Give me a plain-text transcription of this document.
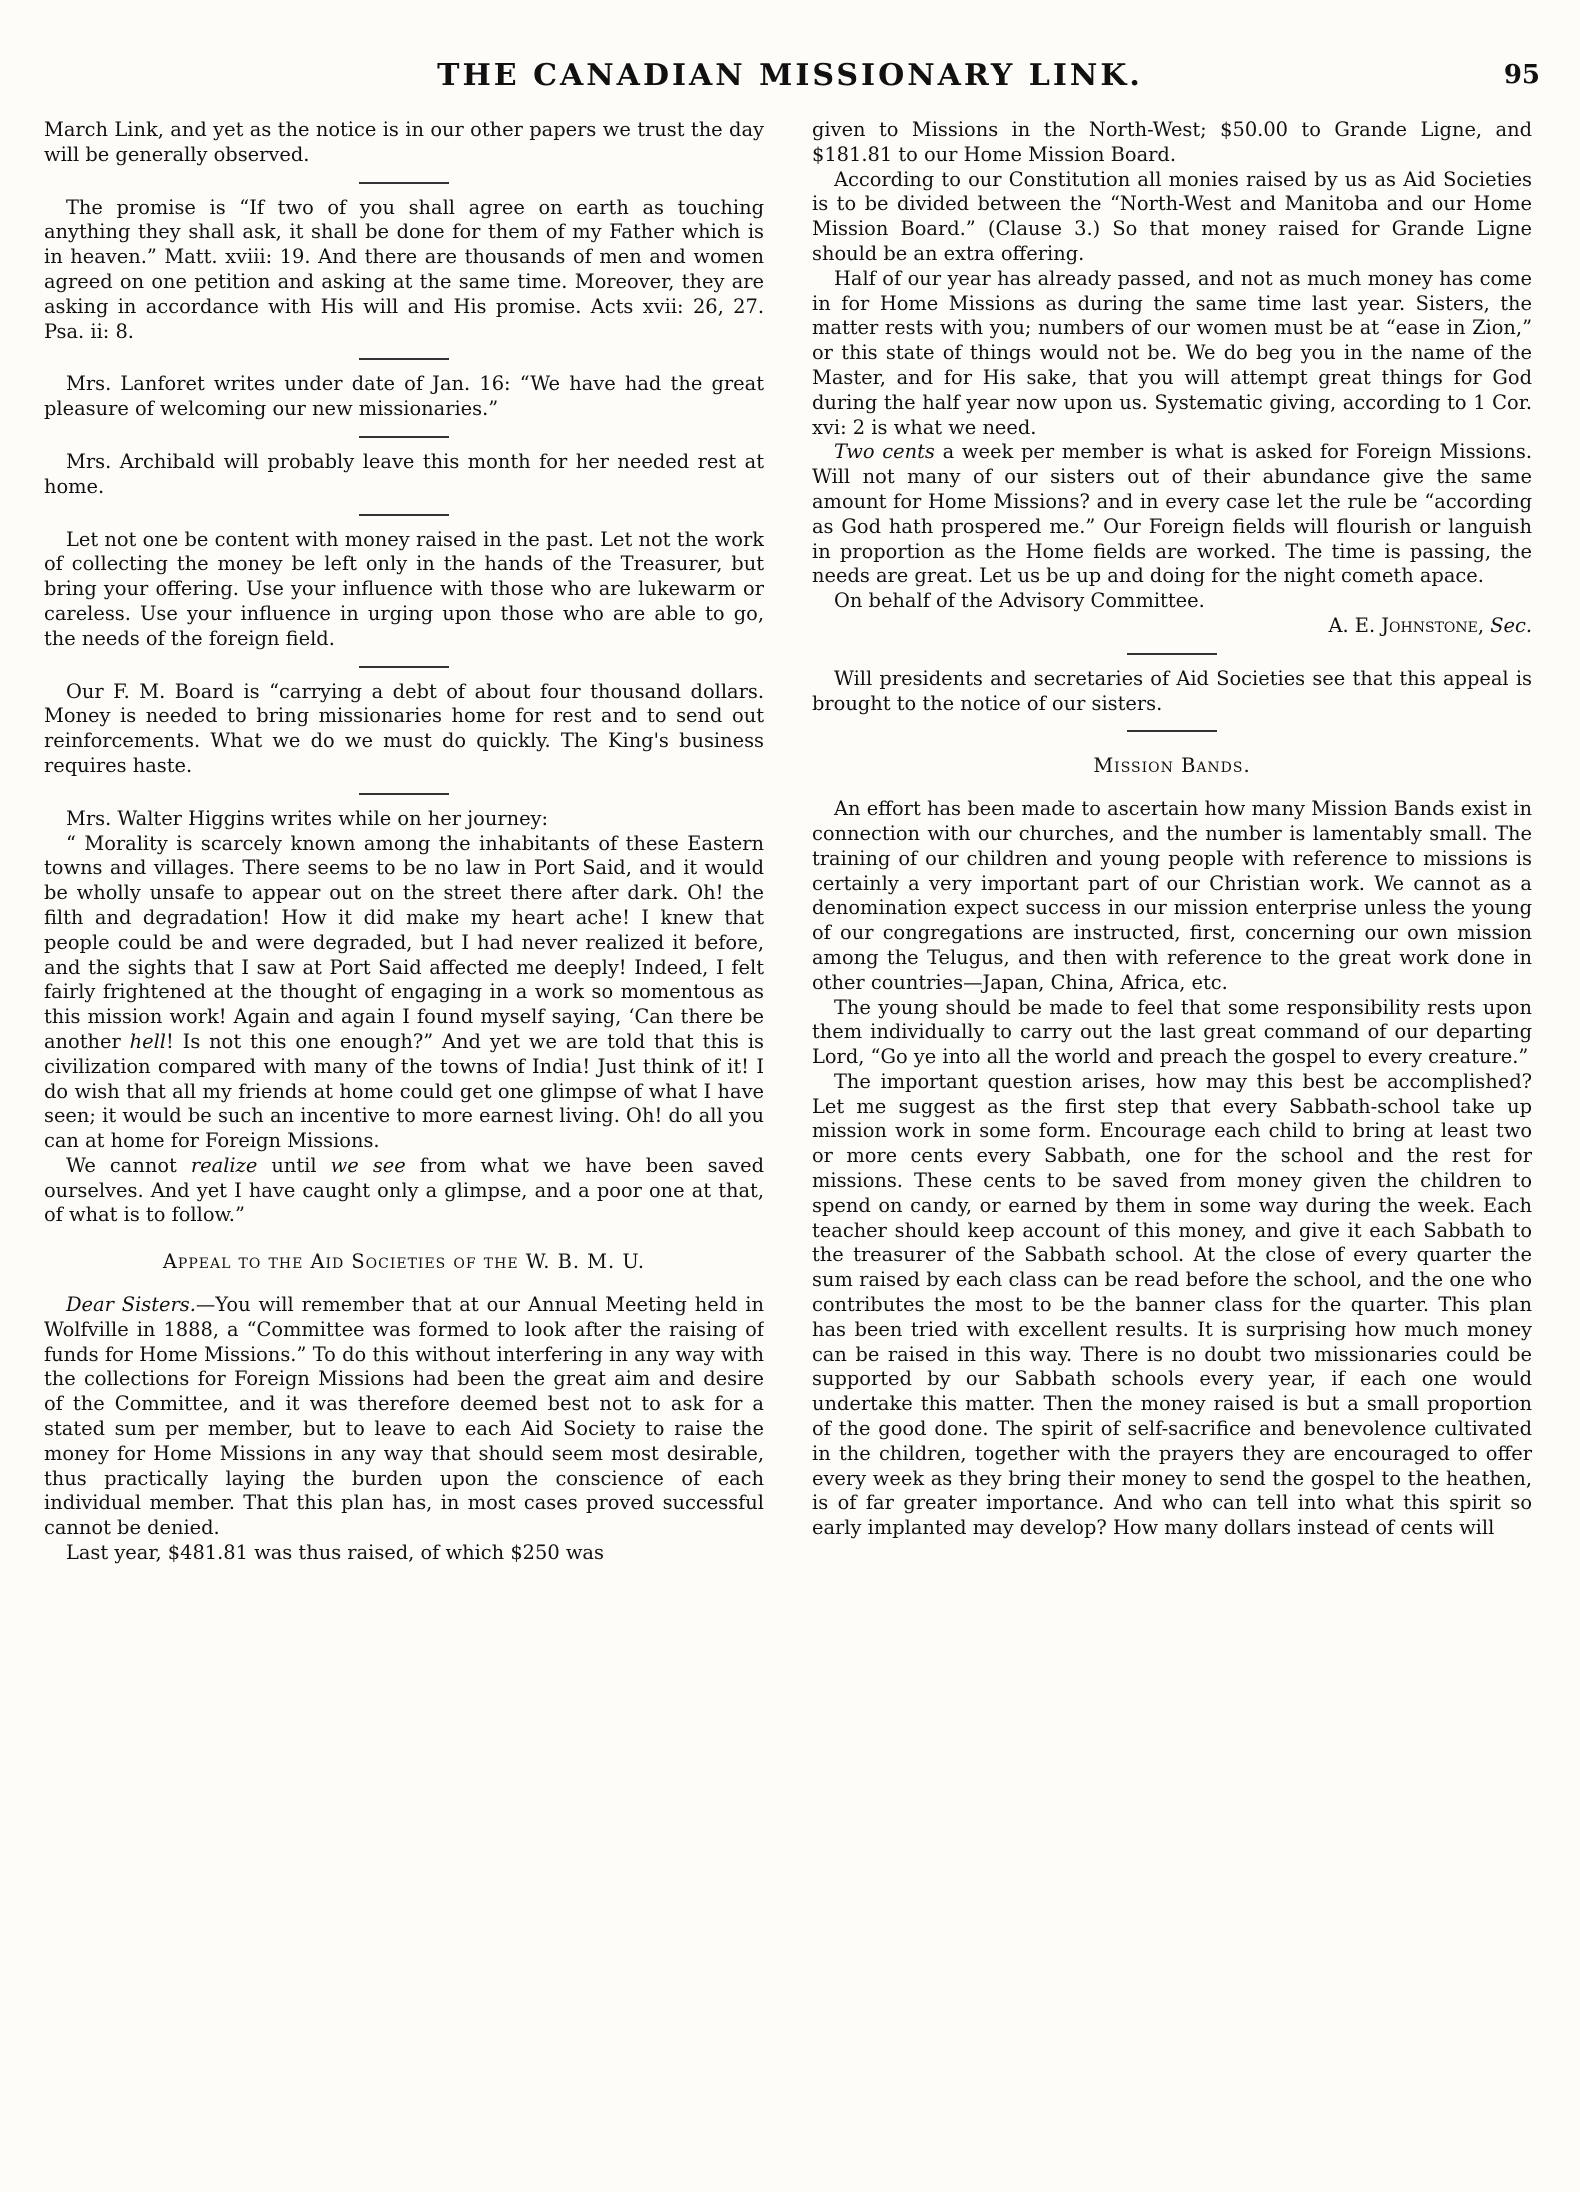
THE CANADIAN MISSIONARY LINK.	95

March Link, and yet as the notice is in our other papers we trust the day will be generally observed.

The promise is “If two of you shall agree on earth as touching anything they shall ask, it shall be done for them of my Father which is in heaven.” Matt. xviii: 19. And there are thousands of men and women agreed on one petition and asking at the same time. Moreover, they are asking in accordance with His will and His promise. Acts xvii: 26, 27. Psa. ii: 8.

Mrs. Lanforet writes under date of Jan. 16: “We have had the great pleasure of welcoming our new missionaries.”

Mrs. Archibald will probably leave this month for her needed rest at home.

Let not one be content with money raised in the past. Let not the work of collecting the money be left only in the hands of the Treasurer, but bring your offering. Use your influence with those who are lukewarm or careless. Use your influence in urging upon those who are able to go, the needs of the foreign field.

Our F. M. Board is “carrying a debt of about four thousand dollars. Money is needed to bring missionaries home for rest and to send out reinforcements. What we do we must do quickly. The King's business requires haste.

Mrs. Walter Higgins writes while on her journey:

“ Morality is scarcely known among the inhabitants of these Eastern towns and villages. There seems to be no law in Port Said, and it would be wholly unsafe to appear out on the street there after dark. Oh! the filth and degradation! How it did make my heart ache! I knew that people could be and were degraded, but I had never realized it before, and the sights that I saw at Port Said affected me deeply! Indeed, I felt fairly frightened at the thought of engaging in a work so momentous as this mission work! Again and again I found myself saying, ‘Can there be another hell! Is not this one enough?” And yet we are told that this is civilization compared with many of the towns of India! Just think of it! I do wish that all my friends at home could get one glimpse of what I have seen; it would be such an incentive to more earnest living. Oh! do all you can at home for Foreign Missions.

We cannot realize until we see from what we have been saved ourselves. And yet I have caught only a glimpse, and a poor one at that, of what is to follow.”

Appeal to the Aid Societies of the W. B. M. U.

Dear Sisters.—You will remember that at our Annual Meeting held in Wolfville in 1888, a “Committee was formed to look after the raising of funds for Home Missions.” To do this without interfering in any way with the collections for Foreign Missions had been the great aim and desire of the Committee, and it was therefore deemed best not to ask for a stated sum per member, but to leave to each Aid Society to raise the money for Home Missions in any way that should seem most desirable, thus practically laying the burden upon the conscience of each individual member. That this plan has, in most cases proved successful cannot be denied.

Last year, $481.81 was thus raised, of which $250 was

given to Missions in the North-West; $50.00 to Grande Ligne, and $181.81 to our Home Mission Board.

According to our Constitution all monies raised by us as Aid Societies is to be divided between the “North-West and Manitoba and our Home Mission Board.” (Clause 3.) So that money raised for Grande Ligne should be an extra offering.

Half of our year has already passed, and not as much money has come in for Home Missions as during the same time last year. Sisters, the matter rests with you; numbers of our women must be at “ease in Zion,” or this state of things would not be. We do beg you in the name of the Master, and for His sake, that you will attempt great things for God during the half year now upon us. Systematic giving, according to 1 Cor. xvi: 2 is what we need.

Two cents a week per member is what is asked for Foreign Missions. Will not many of our sisters out of their abundance give the same amount for Home Missions? and in every case let the rule be “according as God hath prospered me.” Our Foreign fields will flourish or languish in proportion as the Home fields are worked. The time is passing, the needs are great. Let us be up and doing for the night cometh apace.

On behalf of the Advisory Committee.

A. E. Johnstone, Sec.

Will presidents and secretaries of Aid Societies see that this appeal is brought to the notice of our sisters.

Mission Bands.

An effort has been made to ascertain how many Mission Bands exist in connection with our churches, and the number is lamentably small. The training of our children and young people with reference to missions is certainly a very important part of our Christian work. We cannot as a denomination expect success in our mission enterprise unless the young of our congregations are instructed, first, concerning our own mission among the Telugus, and then with reference to the great work done in other countries—Japan, China, Africa, etc.

The young should be made to feel that some responsibility rests upon them individually to carry out the last great command of our departing Lord, “Go ye into all the world and preach the gospel to every creature.”

The important question arises, how may this best be accomplished? Let me suggest as the first step that every Sabbath-school take up mission work in some form. Encourage each child to bring at least two or more cents every Sabbath, one for the school and the rest for missions. These cents to be saved from money given the children to spend on candy, or earned by them in some way during the week. Each teacher should keep account of this money, and give it each Sabbath to the treasurer of the Sabbath school. At the close of every quarter the sum raised by each class can be read before the school, and the one who contributes the most to be the banner class for the quarter. This plan has been tried with excellent results. It is surprising how much money can be raised in this way. There is no doubt two missionaries could be supported by our Sabbath schools every year, if each one would undertake this matter. Then the money raised is but a small proportion of the good done. The spirit of self-sacrifice and benevolence cultivated in the children, together with the prayers they are encouraged to offer every week as they bring their money to send the gospel to the heathen, is of far greater importance. And who can tell into what this spirit so early implanted may develop? How many dollars instead of cents will
